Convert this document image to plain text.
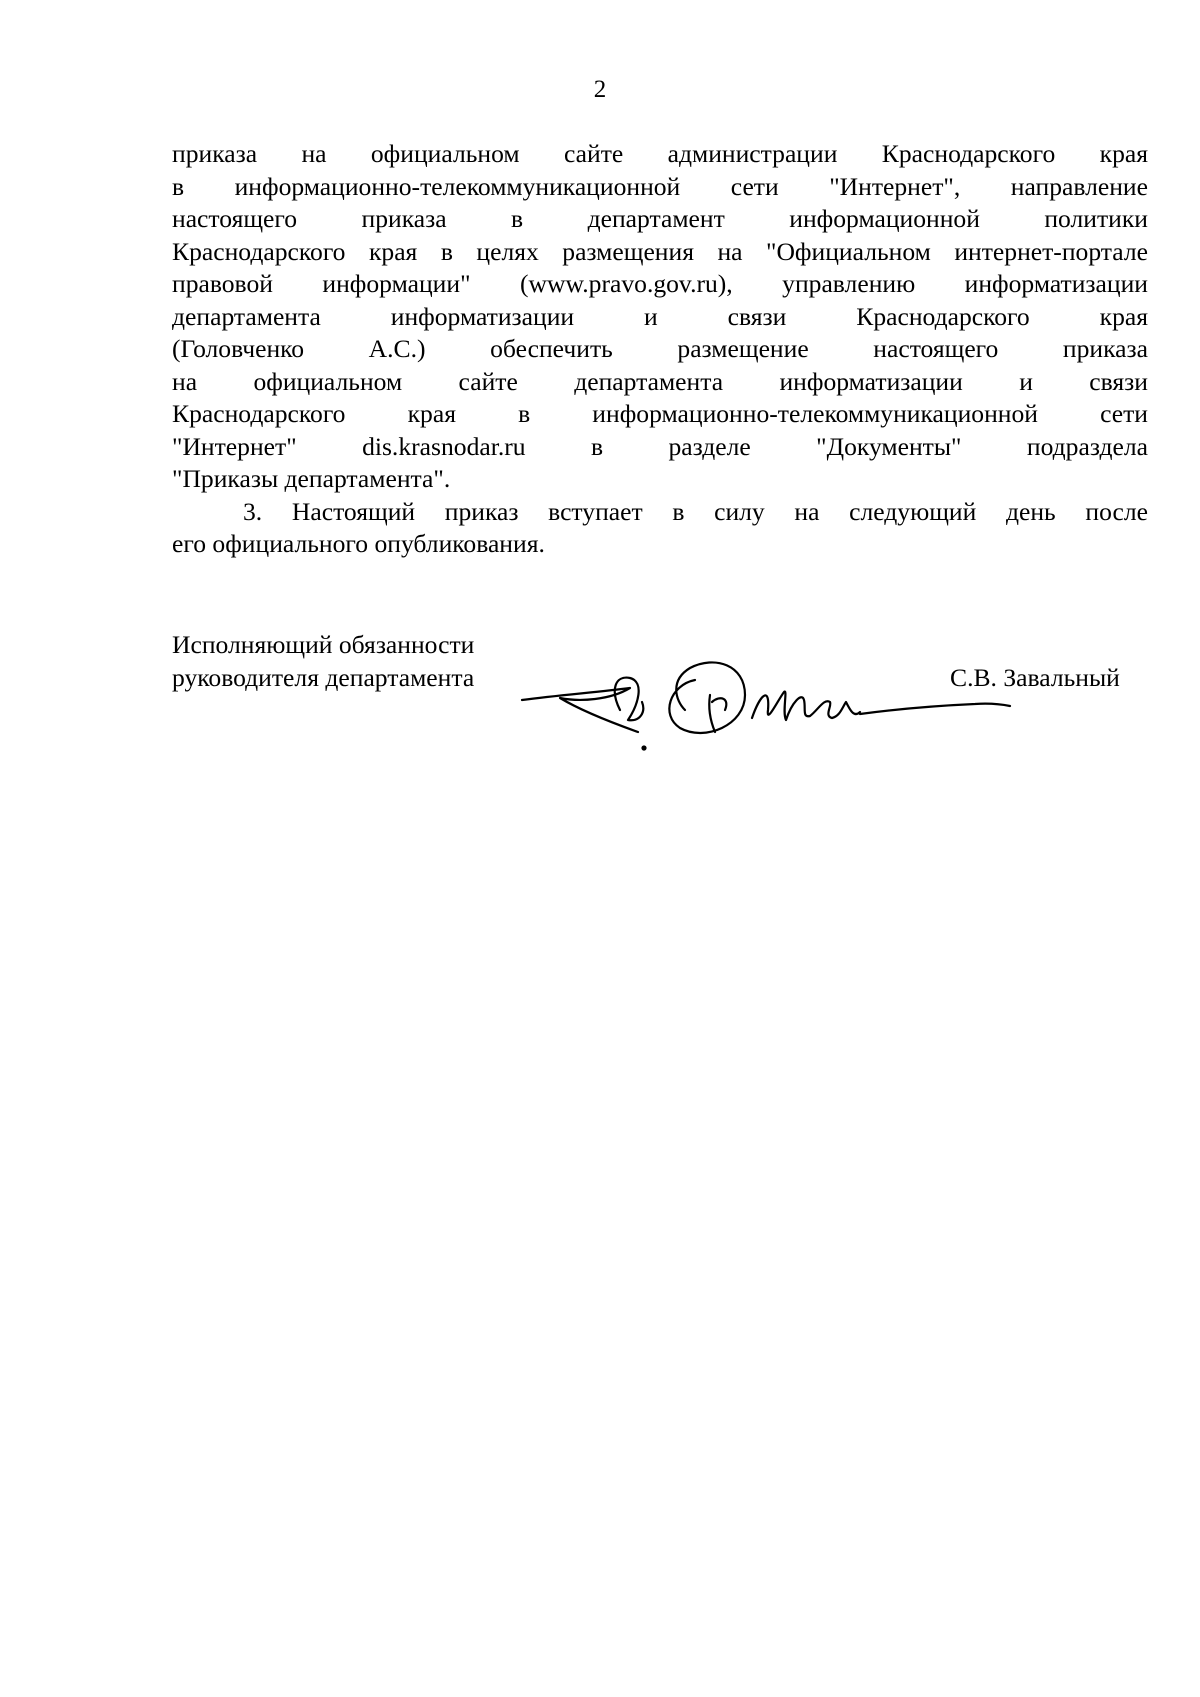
2
приказа на официальном сайте администрации Краснодарского края
в информационно-телекоммуникационной сети "Интернет", направление
настоящего приказа в департамент информационной политики
Краснодарского края в целях размещения на "Официальном интернет-портале
правовой информации" (www.pravo.gov.ru), управлению информатизации
департамента информатизации и связи Краснодарского края
(Головченко А.С.) обеспечить размещение настоящего приказа
на официальном сайте департамента информатизации и связи
Краснодарского края в информационно-телекоммуникационной сети
"Интернет" dis.krasnodar.ru в разделе "Документы" подраздела
"Приказы департамента".
3. Настоящий приказ вступает в силу на следующий день после
его официального опубликования.
Исполняющий обязанности
руководителя департамента	С.В. Завальный
